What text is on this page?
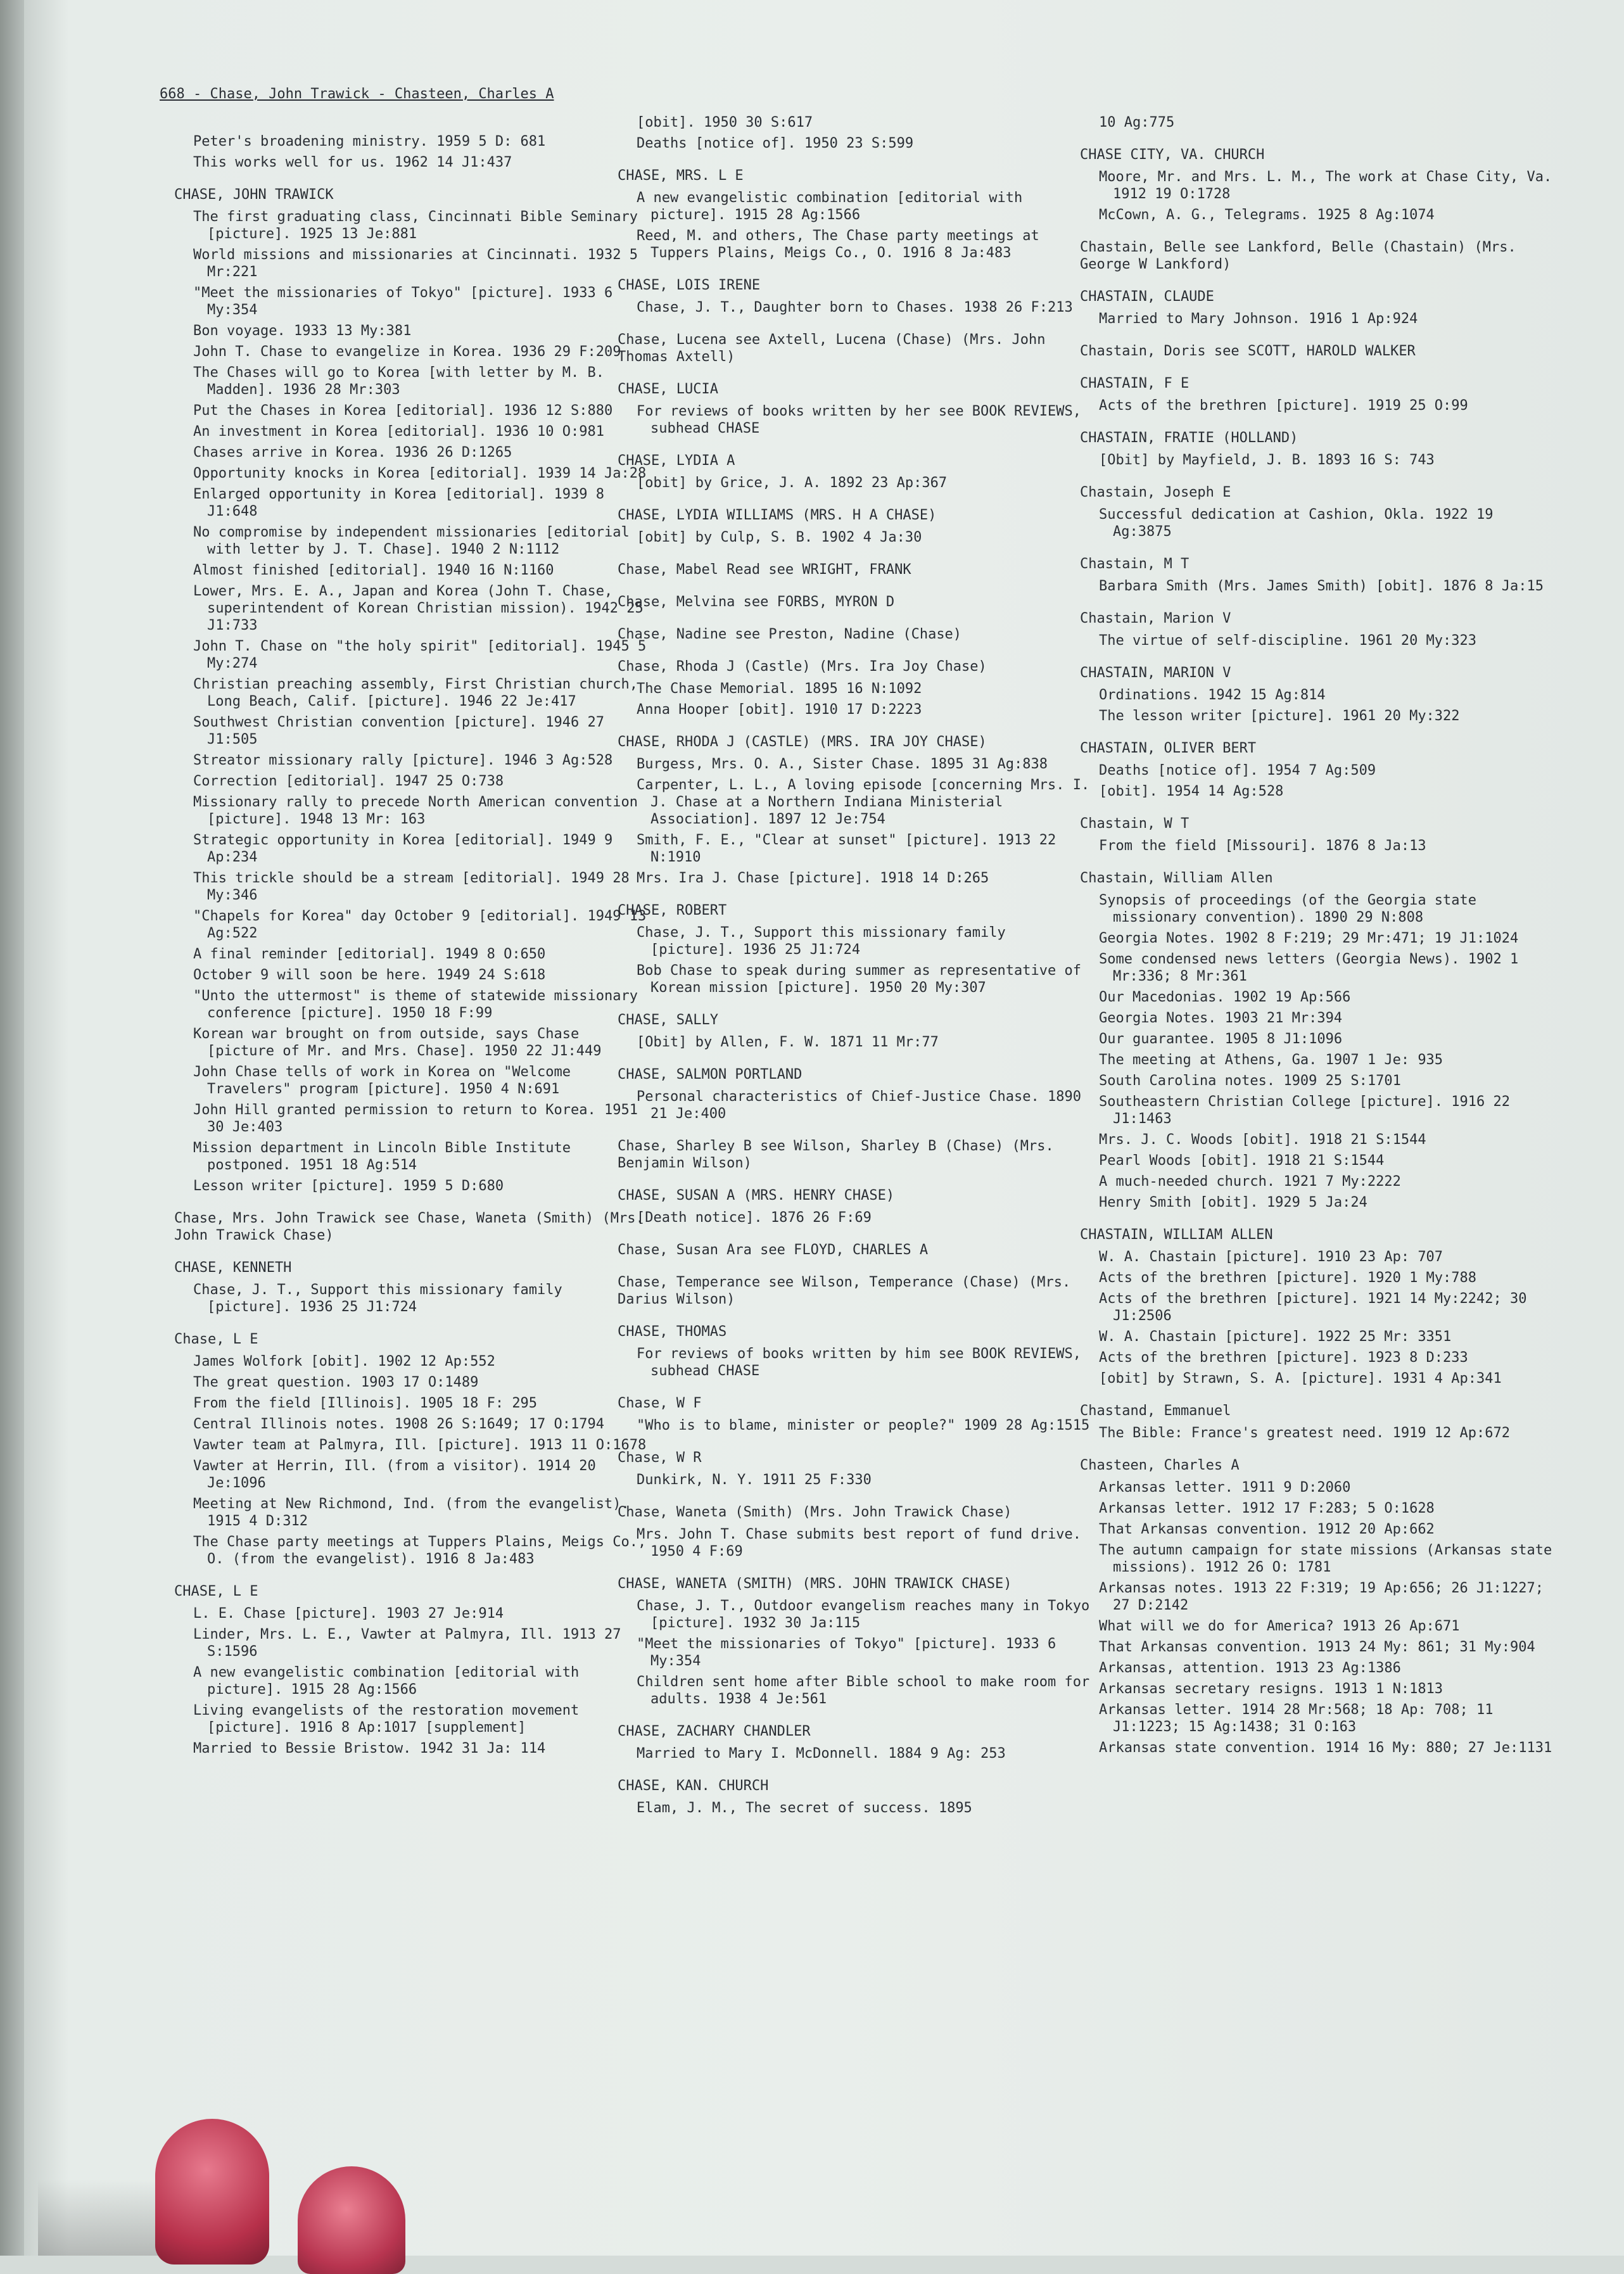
668 - Chase, John Trawick - Chasteen, Charles A
Peter's broadening ministry. 1959 5 D: 681
This works well for us. 1962 14 J1:437
CHASE, JOHN TRAWICK
The first graduating class, Cincinnati Bible Seminary [picture]. 1925 13 Je:881
World missions and missionaries at Cincinnati. 1932 5 Mr:221
"Meet the missionaries of Tokyo" [picture]. 1933 6 My:354
Bon voyage. 1933 13 My:381
John T. Chase to evangelize in Korea. 1936 29 F:209
The Chases will go to Korea [with letter by M. B. Madden]. 1936 28 Mr:303
Put the Chases in Korea [editorial]. 1936 12 S:880
An investment in Korea [editorial]. 1936 10 O:981
Chases arrive in Korea. 1936 26 D:1265
Opportunity knocks in Korea [editorial]. 1939 14 Ja:28
Enlarged opportunity in Korea [editorial]. 1939 8 J1:648
No compromise by independent missionaries [editorial with letter by J. T. Chase]. 1940 2 N:1112
Almost finished [editorial]. 1940 16 N:1160
Lower, Mrs. E. A., Japan and Korea (John T. Chase, superintendent of Korean Christian mission). 1942 25 J1:733
John T. Chase on "the holy spirit" [editorial]. 1945 5 My:274
Christian preaching assembly, First Christian church, Long Beach, Calif. [picture]. 1946 22 Je:417
Southwest Christian convention [picture]. 1946 27 J1:505
Streator missionary rally [picture]. 1946 3 Ag:528
Correction [editorial]. 1947 25 O:738
Missionary rally to precede North American convention [picture]. 1948 13 Mr: 163
Strategic opportunity in Korea [editorial]. 1949 9 Ap:234
This trickle should be a stream [editorial]. 1949 28 My:346
"Chapels for Korea" day October 9 [editorial]. 1949 13 Ag:522
A final reminder [editorial]. 1949 8 O:650
October 9 will soon be here. 1949 24 S:618
"Unto the uttermost" is theme of statewide missionary conference [picture]. 1950 18 F:99
Korean war brought on from outside, says Chase [picture of Mr. and Mrs. Chase]. 1950 22 J1:449
John Chase tells of work in Korea on "Welcome Travelers" program [picture]. 1950 4 N:691
John Hill granted permission to return to Korea. 1951 30 Je:403
Mission department in Lincoln Bible Institute postponed. 1951 18 Ag:514
Lesson writer [picture]. 1959 5 D:680
Chase, Mrs. John Trawick see Chase, Waneta (Smith) (Mrs. John Trawick Chase)
CHASE, KENNETH
Chase, J. T., Support this missionary family [picture]. 1936 25 J1:724
Chase, L E
James Wolfork [obit]. 1902 12 Ap:552
The great question. 1903 17 O:1489
From the field [Illinois]. 1905 18 F: 295
Central Illinois notes. 1908 26 S:1649; 17 O:1794
Vawter team at Palmyra, Ill. [picture]. 1913 11 O:1678
Vawter at Herrin, Ill. (from a visitor). 1914 20 Je:1096
Meeting at New Richmond, Ind. (from the evangelist). 1915 4 D:312
The Chase party meetings at Tuppers Plains, Meigs Co., O. (from the evangelist). 1916 8 Ja:483
CHASE, L E
L. E. Chase [picture]. 1903 27 Je:914
Linder, Mrs. L. E., Vawter at Palmyra, Ill. 1913 27 S:1596
A new evangelistic combination [editorial with picture]. 1915 28 Ag:1566
Living evangelists of the restoration movement [picture]. 1916 8 Ap:1017 [supplement]
Married to Bessie Bristow. 1942 31 Ja: 114
[obit]. 1950 30 S:617
Deaths [notice of]. 1950 23 S:599
CHASE, MRS. L E
A new evangelistic combination [editorial with picture]. 1915 28 Ag:1566
Reed, M. and others, The Chase party meetings at Tuppers Plains, Meigs Co., O. 1916 8 Ja:483
CHASE, LOIS IRENE
Chase, J. T., Daughter born to Chases. 1938 26 F:213
Chase, Lucena see Axtell, Lucena (Chase) (Mrs. John Thomas Axtell)
CHASE, LUCIA
For reviews of books written by her see BOOK REVIEWS, subhead CHASE
CHASE, LYDIA A
[obit] by Grice, J. A. 1892 23 Ap:367
CHASE, LYDIA WILLIAMS (MRS. H A CHASE)
[obit] by Culp, S. B. 1902 4 Ja:30
Chase, Mabel Read see WRIGHT, FRANK
Chase, Melvina see FORBS, MYRON D
Chase, Nadine see Preston, Nadine (Chase)
Chase, Rhoda J (Castle) (Mrs. Ira Joy Chase)
The Chase Memorial. 1895 16 N:1092
Anna Hooper [obit]. 1910 17 D:2223
CHASE, RHODA J (CASTLE) (MRS. IRA JOY CHASE)
Burgess, Mrs. O. A., Sister Chase. 1895 31 Ag:838
Carpenter, L. L., A loving episode [concerning Mrs. I. J. Chase at a Northern Indiana Ministerial Association]. 1897 12 Je:754
Smith, F. E., "Clear at sunset" [picture]. 1913 22 N:1910
Mrs. Ira J. Chase [picture]. 1918 14 D:265
CHASE, ROBERT
Chase, J. T., Support this missionary family [picture]. 1936 25 J1:724
Bob Chase to speak during summer as representative of Korean mission [picture]. 1950 20 My:307
CHASE, SALLY
[Obit] by Allen, F. W. 1871 11 Mr:77
CHASE, SALMON PORTLAND
Personal characteristics of Chief-Justice Chase. 1890 21 Je:400
Chase, Sharley B see Wilson, Sharley B (Chase) (Mrs. Benjamin Wilson)
CHASE, SUSAN A (MRS. HENRY CHASE)
[Death notice]. 1876 26 F:69
Chase, Susan Ara see FLOYD, CHARLES A
Chase, Temperance see Wilson, Temperance (Chase) (Mrs. Darius Wilson)
CHASE, THOMAS
For reviews of books written by him see BOOK REVIEWS, subhead CHASE
Chase, W F
"Who is to blame, minister or people?" 1909 28 Ag:1515
Chase, W R
Dunkirk, N. Y. 1911 25 F:330
Chase, Waneta (Smith) (Mrs. John Trawick Chase)
Mrs. John T. Chase submits best report of fund drive. 1950 4 F:69
CHASE, WANETA (SMITH) (MRS. JOHN TRAWICK CHASE)
Chase, J. T., Outdoor evangelism reaches many in Tokyo [picture]. 1932 30 Ja:115
"Meet the missionaries of Tokyo" [picture]. 1933 6 My:354
Children sent home after Bible school to make room for adults. 1938 4 Je:561
CHASE, ZACHARY CHANDLER
Married to Mary I. McDonnell. 1884 9 Ag: 253
CHASE, KAN. CHURCH
Elam, J. M., The secret of success. 1895
10 Ag:775
CHASE CITY, VA. CHURCH
Moore, Mr. and Mrs. L. M., The work at Chase City, Va. 1912 19 O:1728
McCown, A. G., Telegrams. 1925 8 Ag:1074
Chastain, Belle see Lankford, Belle (Chastain) (Mrs. George W Lankford)
CHASTAIN, CLAUDE
Married to Mary Johnson. 1916 1 Ap:924
Chastain, Doris see SCOTT, HAROLD WALKER
CHASTAIN, F E
Acts of the brethren [picture]. 1919 25 O:99
CHASTAIN, FRATIE (HOLLAND)
[Obit] by Mayfield, J. B. 1893 16 S: 743
Chastain, Joseph E
Successful dedication at Cashion, Okla. 1922 19 Ag:3875
Chastain, M T
Barbara Smith (Mrs. James Smith) [obit]. 1876 8 Ja:15
Chastain, Marion V
The virtue of self-discipline. 1961 20 My:323
CHASTAIN, MARION V
Ordinations. 1942 15 Ag:814
The lesson writer [picture]. 1961 20 My:322
CHASTAIN, OLIVER BERT
Deaths [notice of]. 1954 7 Ag:509
[obit]. 1954 14 Ag:528
Chastain, W T
From the field [Missouri]. 1876 8 Ja:13
Chastain, William Allen
Synopsis of proceedings (of the Georgia state missionary convention). 1890 29 N:808
Georgia Notes. 1902 8 F:219; 29 Mr:471; 19 J1:1024
Some condensed news letters (Georgia News). 1902 1 Mr:336; 8 Mr:361
Our Macedonias. 1902 19 Ap:566
Georgia Notes. 1903 21 Mr:394
Our guarantee. 1905 8 J1:1096
The meeting at Athens, Ga. 1907 1 Je: 935
South Carolina notes. 1909 25 S:1701
Southeastern Christian College [picture]. 1916 22 J1:1463
Mrs. J. C. Woods [obit]. 1918 21 S:1544
Pearl Woods [obit]. 1918 21 S:1544
A much-needed church. 1921 7 My:2222
Henry Smith [obit]. 1929 5 Ja:24
CHASTAIN, WILLIAM ALLEN
W. A. Chastain [picture]. 1910 23 Ap: 707
Acts of the brethren [picture]. 1920 1 My:788
Acts of the brethren [picture]. 1921 14 My:2242; 30 J1:2506
W. A. Chastain [picture]. 1922 25 Mr: 3351
Acts of the brethren [picture]. 1923 8 D:233
[obit] by Strawn, S. A. [picture]. 1931 4 Ap:341
Chastand, Emmanuel
The Bible: France's greatest need. 1919 12 Ap:672
Chasteen, Charles A
Arkansas letter. 1911 9 D:2060
Arkansas letter. 1912 17 F:283; 5 O:1628
That Arkansas convention. 1912 20 Ap:662
The autumn campaign for state missions (Arkansas state missions). 1912 26 O: 1781
Arkansas notes. 1913 22 F:319; 19 Ap:656; 26 J1:1227; 27 D:2142
What will we do for America? 1913 26 Ap:671
That Arkansas convention. 1913 24 My: 861; 31 My:904
Arkansas, attention. 1913 23 Ag:1386
Arkansas secretary resigns. 1913 1 N:1813
Arkansas letter. 1914 28 Mr:568; 18 Ap: 708; 11 J1:1223; 15 Ag:1438; 31 O:163
Arkansas state convention. 1914 16 My: 880; 27 Je:1131
